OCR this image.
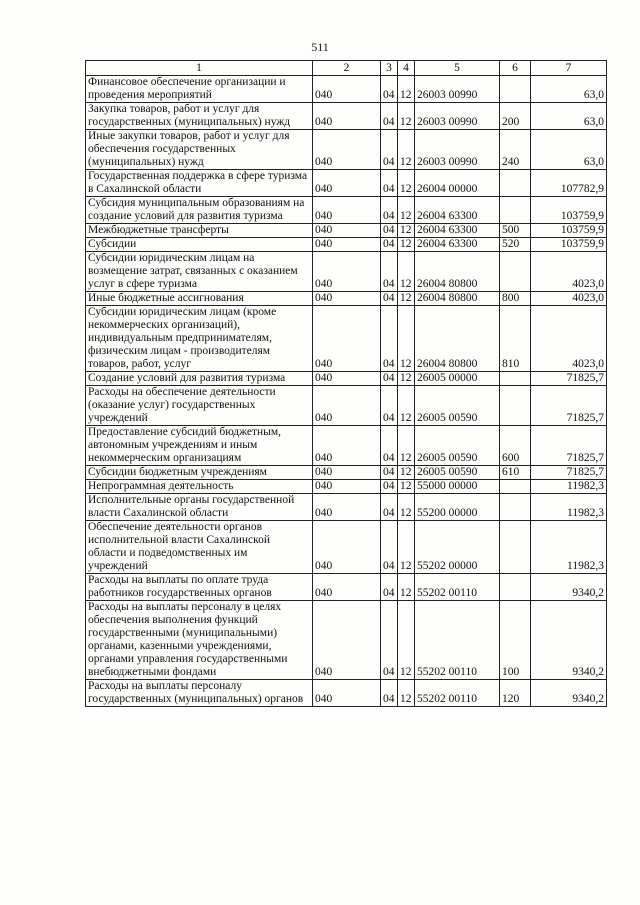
511
1	2	3	4	5	6	7
Финансовое обеспечение организации и проведения мероприятий	040	04	12	26003 00990		63,0
Закупка товаров, работ и услуг для государственных (муниципальных) нужд	040	04	12	26003 00990	200	63,0
Иные закупки товаров, работ и услуг для обеспечения государственных (муниципальных) нужд	040	04	12	26003 00990	240	63,0
Государственная поддержка в сфере туризма в Сахалинской области	040	04	12	26004 00000		107782,9
Субсидия муниципальным образованиям на создание условий для развития туризма	040	04	12	26004 63300		103759,9
Межбюджетные трансферты	040	04	12	26004 63300	500	103759,9
Субсидии	040	04	12	26004 63300	520	103759,9
Субсидии юридическим лицам на возмещение затрат, связанных с оказанием услуг в сфере туризма	040	04	12	26004 80800		4023,0
Иные бюджетные ассигнования	040	04	12	26004 80800	800	4023,0
Субсидии юридическим лицам (кроме некоммерческих организаций), индивидуальным предпринимателям, физическим лицам - производителям товаров, работ, услуг	040	04	12	26004 80800	810	4023,0
Создание условий для развития туризма	040	04	12	26005 00000		71825,7
Расходы на обеспечение деятельности (оказание услуг) государственных учреждений	040	04	12	26005 00590		71825,7
Предоставление субсидий бюджетным, автономным учреждениям и иным некоммерческим организациям	040	04	12	26005 00590	600	71825,7
Субсидии бюджетным учреждениям	040	04	12	26005 00590	610	71825,7
Непрограммная деятельность	040	04	12	55000 00000		11982,3
Исполнительные органы государственной власти Сахалинской области	040	04	12	55200 00000		11982,3
Обеспечение деятельности органов исполнительной власти Сахалинской области и подведомственных им учреждений	040	04	12	55202 00000		11982,3
Расходы на выплаты по оплате труда работников государственных органов	040	04	12	55202 00110		9340,2
Расходы на выплаты персоналу в целях обеспечения выполнения функций государственными (муниципальными) органами, казенными учреждениями, органами управления государственными внебюджетными фондами	040	04	12	55202 00110	100	9340,2
Расходы на выплаты персоналу государственных (муниципальных) органов	040	04	12	55202 00110	120	9340,2
